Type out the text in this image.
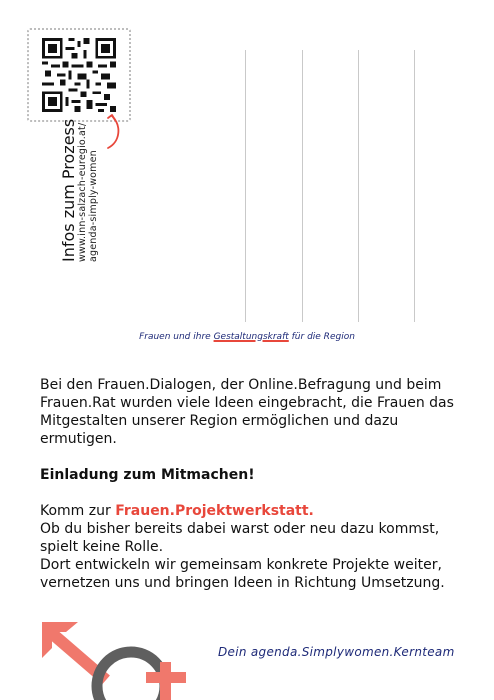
Infos zum Prozess www.inn-salzach-euregio.at/ agenda-simply-women
Frauen und ihre Gestaltungskraft für die Region

Bei den Frauen.Dialogen, der Online.Befragung und beim Frauen.Rat wurden viele Ideen eingebracht, die Frauen das Mitgestalten unserer Region ermöglichen und dazu ermutigen.

Einladung zum Mitmachen!

Komm zur Frauen.Projektwerkstatt.

Ob du bisher bereits dabei warst oder neu dazu kommst, spielt keine Rolle.

Dort entwickeln wir gemeinsam konkrete Projekte weiter, vernetzen uns und bringen Ideen in Richtung Umsetzung.

Dein agenda.Simplywomen.Kernteam
